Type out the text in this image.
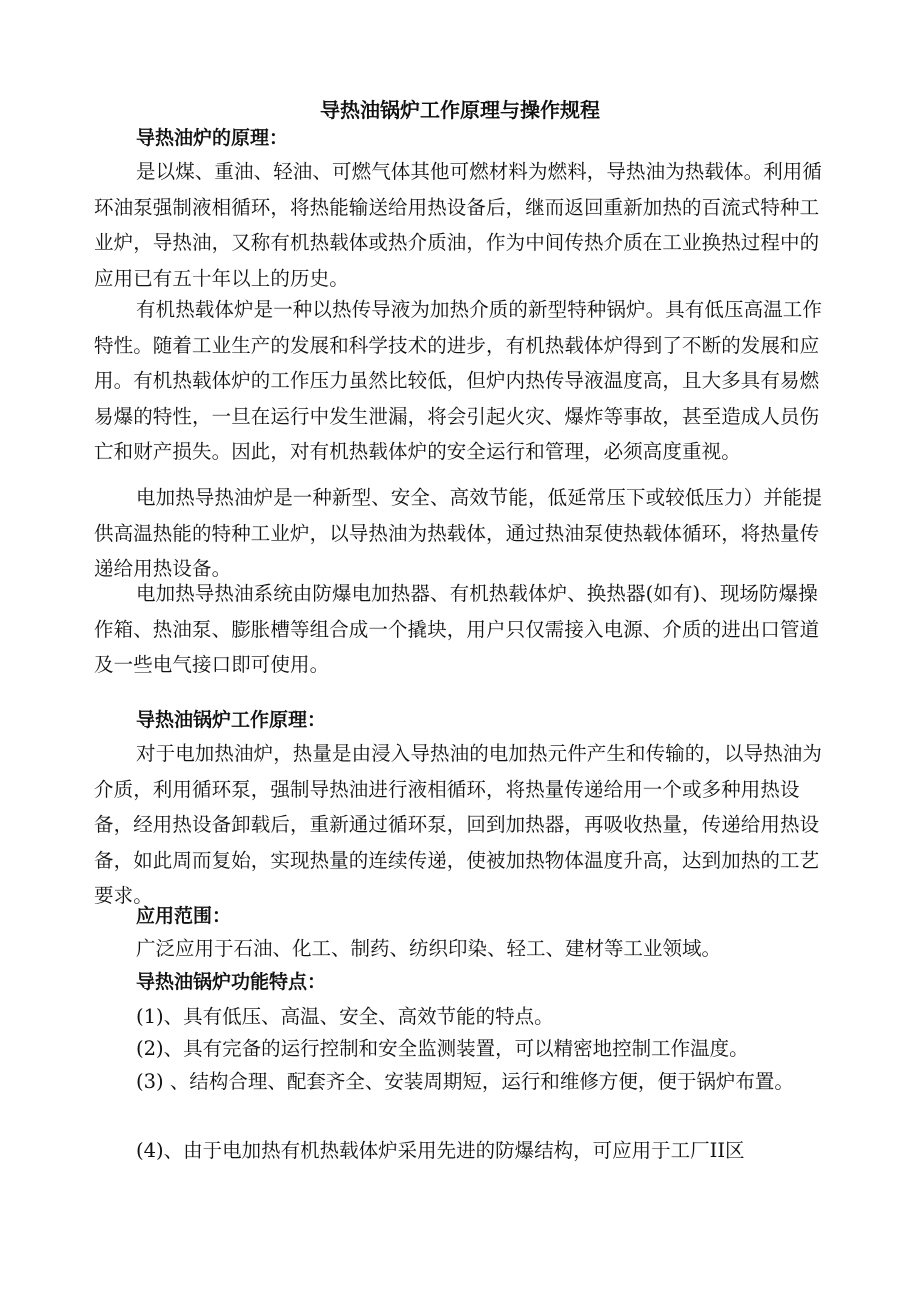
导热油锅炉工作原理与操作规程
导热油炉的原理：
是以煤、重油、轻油、可燃气体其他可燃材料为燃料，导热油为热载体。利用循环油泵强制液相循环，将热能输送给用热设备后，继而返回重新加热的百流式特种工业炉，导热油，又称有机热载体或热介质油，作为中间传热介质在工业换热过程中的应用已有五十年以上的历史。
有机热载体炉是一种以热传导液为加热介质的新型特种锅炉。具有低压高温工作特性。随着工业生产的发展和科学技术的进步，有机热载体炉得到了不断的发展和应用。有机热载体炉的工作压力虽然比较低，但炉内热传导液温度高，且大多具有易燃易爆的特性，一旦在运行中发生泄漏，将会引起火灾、爆炸等事故，甚至造成人员伤亡和财产损失。因此，对有机热载体炉的安全运行和管理，必须高度重视。
电加热导热油炉是一种新型、安全、高效节能，低延常压下或较低压力）并能提供高温热能的特种工业炉，以导热油为热载体，通过热油泵使热载体循环，将热量传递给用热设备。
电加热导热油系统由防爆电加热器、有机热载体炉、换热器(如有)、现场防爆操作箱、热油泵、膨胀槽等组合成一个撬块，用户只仅需接入电源、介质的进出口管道及一些电气接口即可使用。
导热油锅炉工作原理：
对于电加热油炉，热量是由浸入导热油的电加热元件产生和传输的，以导热油为介质，利用循环泵，强制导热油进行液相循环，将热量传递给用一个或多种用热设备，经用热设备卸载后，重新通过循环泵，回到加热器，再吸收热量，传递给用热设备，如此周而复始，实现热量的连续传递，使被加热物体温度升高，达到加热的工艺要求。
应用范围：
广泛应用于石油、化工、制药、纺织印染、轻工、建材等工业领域。
导热油锅炉功能特点：
(1)、具有低压、高温、安全、高效节能的特点。
(2)、具有完备的运行控制和安全监测装置，可以精密地控制工作温度。
(3) 、结构合理、配套齐全、安装周期短，运行和维修方便，便于锅炉布置。
(4)、由于电加热有机热载体炉采用先进的防爆结构，可应用于工厂II区
